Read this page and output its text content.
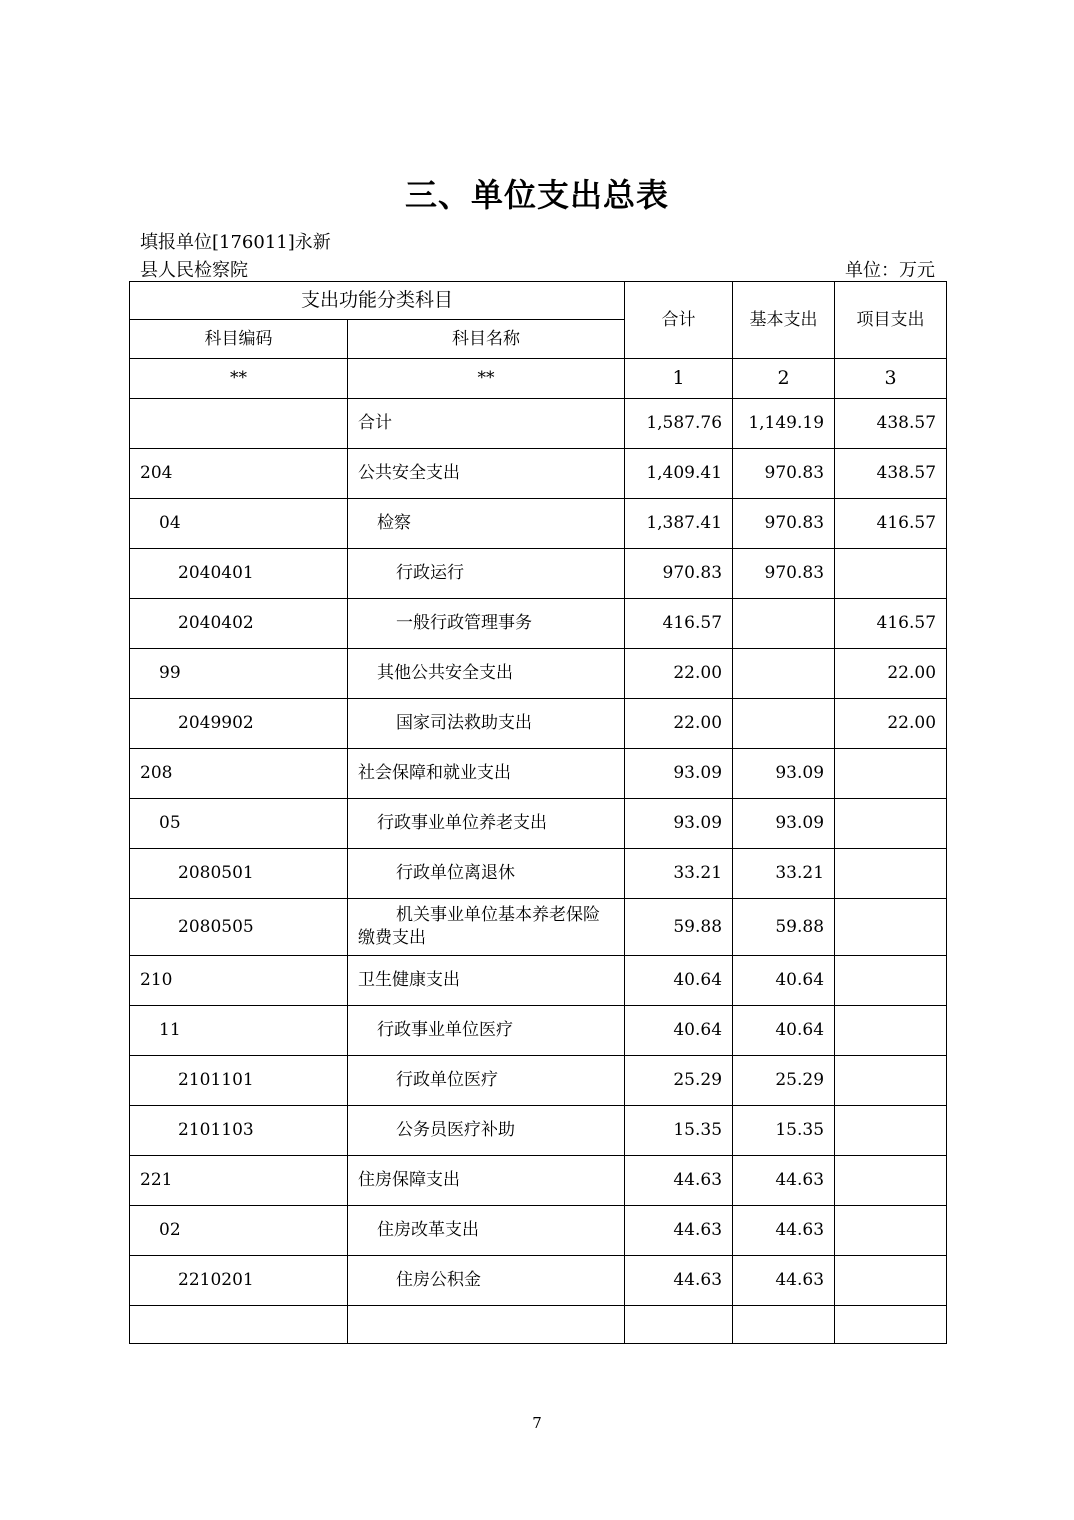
三、单位支出总表
填报单位[176011]永新
县人民检察院	单位：万元
支出功能分类科目		合计	基本支出	项目支出
科目编码	科目名称			
**	**	1	2	3
	合计	1,587.76	1,149.19	438.57
204	公共安全支出	1,409.41	970.83	438.57
04	检察	1,387.41	970.83	416.57
2040401	行政运行	970.83	970.83	
2040402	一般行政管理事务	416.57		416.57
99	其他公共安全支出	22.00		22.00
2049902	国家司法救助支出	22.00		22.00
208	社会保障和就业支出	93.09	93.09	
05	行政事业单位养老支出	93.09	93.09	
2080501	行政单位离退休	33.21	33.21	
2080505	机关事业单位基本养老保险缴费支出	59.88	59.88	
210	卫生健康支出	40.64	40.64	
11	行政事业单位医疗	40.64	40.64	
2101101	行政单位医疗	25.29	25.29	
2101103	公务员医疗补助	15.35	15.35	
221	住房保障支出	44.63	44.63	
02	住房改革支出	44.63	44.63	
2210201	住房公积金	44.63	44.63	

7
